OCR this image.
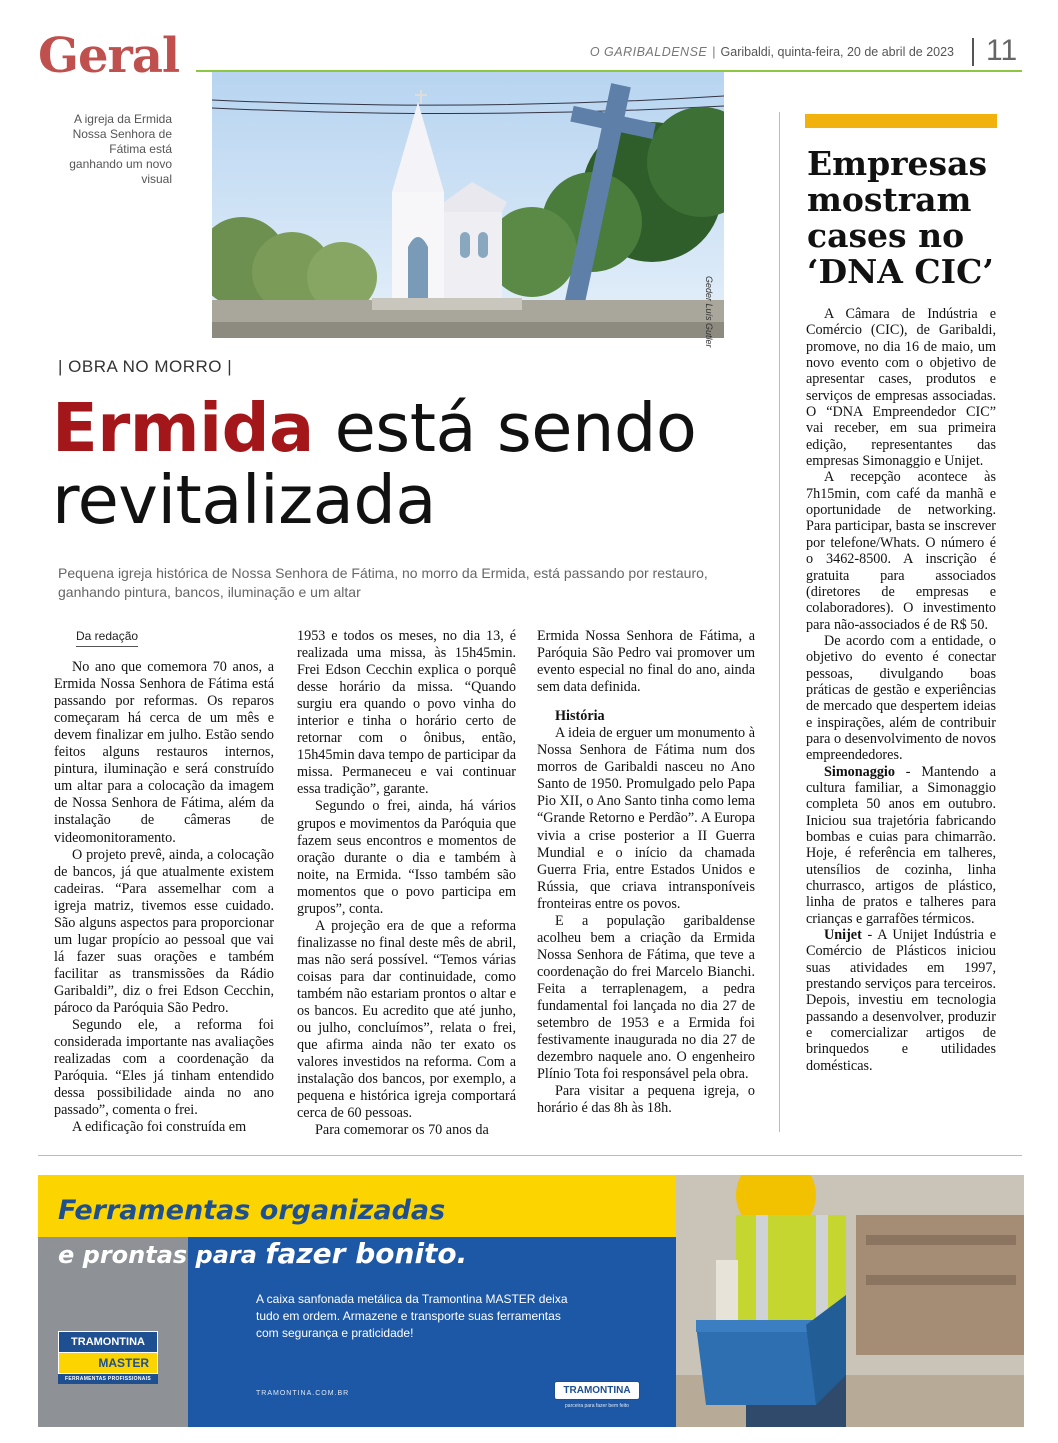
Geral	O GARIBALDENSE | Garibaldi, quinta-feira, 20 de abril de 2023 11
A igreja da Ermida Nossa Senhora de Fátima está ganhando um novo visual
Geder Luís Gutler
| OBRA NO MORRO |
Ermida está sendo revitalizada
Pequena igreja histórica de Nossa Senhora de Fátima, no morro da Ermida, está passando por restauro, ganhando pintura, bancos, iluminação e um altar
Da redação

No ano que comemora 70 anos, a Ermida Nossa Senhora de Fátima está passando por reformas. Os reparos começaram há cerca de um mês e devem finalizar em julho. Estão sendo feitos alguns restauros internos, pintura, iluminação e será construído um altar para a colocação da imagem de Nossa Senhora de Fátima, além da instalação de câmeras de videomonitoramento.

O projeto prevê, ainda, a colocação de bancos, já que atualmente existem cadeiras. “Para assemelhar com a igreja matriz, tivemos esse cuidado. São alguns aspectos para proporcionar um lugar propício ao pessoal que vai lá fazer suas orações e também facilitar as transmissões da Rádio Garibaldi”, diz o frei Edson Cecchin, pároco da Paróquia São Pedro.

Segundo ele, a reforma foi considerada importante nas avaliações realizadas com a coordenação da Paróquia. “Eles já tinham entendido dessa possibilidade ainda no ano passado”, comenta o frei.

A edificação foi construída em

1953 e todos os meses, no dia 13, é realizada uma missa, às 15h45min. Frei Edson Cecchin explica o porquê desse horário da missa. “Quando surgiu era quando o povo vinha do interior e tinha o horário certo de retornar com o ônibus, então, 15h45min dava tempo de participar da missa. Permaneceu e vai continuar essa tradição”, garante.

Segundo o frei, ainda, há vários grupos e movimentos da Paróquia que fazem seus encontros e momentos de oração durante o dia e também à noite, na Ermida. “Isso também são momentos que o povo participa em grupos”, conta.

A projeção era de que a reforma finalizasse no final deste mês de abril, mas não será possível. “Temos várias coisas para dar continuidade, como também não estariam prontos o altar e os bancos. Eu acredito que até junho, ou julho, concluímos”, relata o frei, que afirma ainda não ter exato os valores investidos na reforma. Com a instalação dos bancos, por exemplo, a pequena e histórica igreja comportará cerca de 60 pessoas.

Para comemorar os 70 anos da

Ermida Nossa Senhora de Fátima, a Paróquia São Pedro vai promover um evento especial no final do ano, ainda sem data definida.

História

A ideia de erguer um monumento à Nossa Senhora de Fátima num dos morros de Garibaldi nasceu no Ano Santo de 1950. Promulgado pelo Papa Pio XII, o Ano Santo tinha como lema “Grande Retorno e Perdão”. A Europa vivia a crise posterior a II Guerra Mundial e o início da chamada Guerra Fria, entre Estados Unidos e Rússia, que criava intransponíveis fronteiras entre os povos.

E a população garibaldense acolheu bem a criação da Ermida Nossa Senhora de Fátima, que teve a coordenação do frei Marcelo Bianchi. Feita a terraplenagem, a pedra fundamental foi lançada no dia 27 de setembro de 1953 e a Ermida foi festivamente inaugurada no dia 27 de dezembro naquele ano. O engenheiro Plínio Tota foi responsável pela obra.

Para visitar a pequena igreja, o horário é das 8h às 18h.

Empresas mostram cases no ‘DNA CIC’

A Câmara de Indústria e Comércio (CIC), de Garibaldi, promove, no dia 16 de maio, um novo evento com o objetivo de apresentar cases, produtos e serviços de empresas associadas. O “DNA Empreendedor CIC” vai receber, em sua primeira edição, representantes das empresas Simonaggio e Unijet.

A recepção acontece às 7h15min, com café da manhã e oportunidade de networking. Para participar, basta se inscrever por telefone/Whats. O número é o 3462-8500. A inscrição é gratuita para associados (diretores de empresas e colaboradores). O investimento para não-associados é de R$ 50.

De acordo com a entidade, o objetivo do evento é conectar pessoas, divulgando boas práticas de gestão e experiências de mercado que despertem ideias e inspirações, além de contribuir para o desenvolvimento de novos empreendedores.

Simonaggio - Mantendo a cultura familiar, a Simonaggio completa 50 anos em outubro. Iniciou sua trajetória fabricando bombas e cuias para chimarrão. Hoje, é referência em talheres, utensílios de cozinha, linha churrasco, artigos de plástico, linha de pratos e talheres para crianças e garrafões térmicos.

Unijet - A Unijet Indústria e Comércio de Plásticos iniciou suas atividades em 1997, prestando serviços para terceiros. Depois, investiu em tecnologia passando a desenvolver, produzir e comercializar artigos de brinquedos e utilidades domésticas.

Ferramentas organizadas
e prontas para fazer bonito.
A caixa sanfonada metálica da Tramontina MASTER deixa tudo em ordem. Armazene e transporte suas ferramentas com segurança e praticidade!
TRAMONTINA.COM.BR
TRAMONTINA
MASTER
FERRAMENTAS PROFISSIONAIS
TRAMONTINA
parceira para fazer bem feito
